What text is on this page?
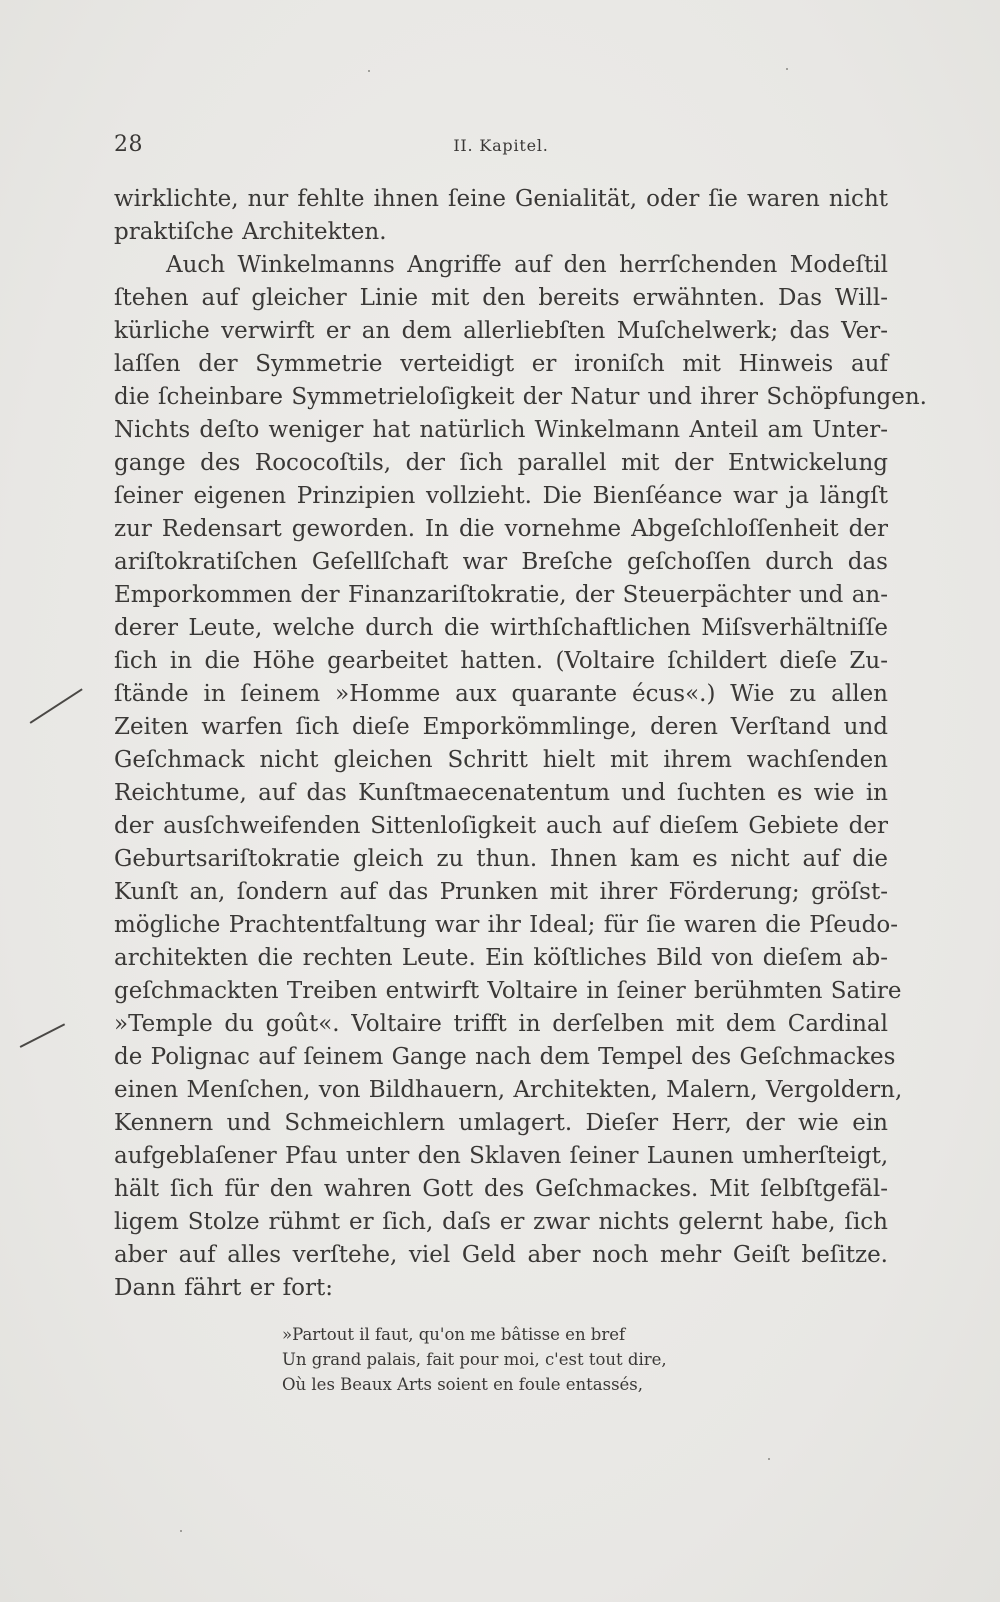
28	II. Kapitel.
wirklichte, nur fehlte ihnen ſeine Genialität, oder ſie waren nicht
praktiſche Architekten.
Auch Winkelmanns Angriffe auf den herrſchenden Modeſtil
ſtehen auf gleicher Linie mit den bereits erwähnten. Das Will-
kürliche verwirft er an dem allerliebſten Muſchelwerk; das Ver-
laſſen der Symmetrie verteidigt er ironiſch mit Hinweis auf
die ſcheinbare Symmetrieloſigkeit der Natur und ihrer Schöpfungen.
Nichts deſto weniger hat natürlich Winkelmann Anteil am Unter-
gange des Rococoſtils, der ſich parallel mit der Entwickelung
ſeiner eigenen Prinzipien vollzieht. Die Bienſéance war ja längſt
zur Redensart geworden. In die vornehme Abgeſchloſſenheit der
ariſtokratiſchen Geſellſchaft war Breſche geſchoſſen durch das
Emporkommen der Finanzariſtokratie, der Steuerpächter und an-
derer Leute, welche durch die wirthſchaftlichen Miſsverhältniſſe
ſich in die Höhe gearbeitet hatten. (Voltaire ſchildert dieſe Zu-
ſtände in ſeinem »Homme aux quarante écus«.) Wie zu allen
Zeiten warfen ſich dieſe Emporkömmlinge, deren Verſtand und
Geſchmack nicht gleichen Schritt hielt mit ihrem wachſenden
Reichtume, auf das Kunſtmaecenatentum und ſuchten es wie in
der ausſchweifenden Sittenloſigkeit auch auf dieſem Gebiete der
Geburtsariſtokratie gleich zu thun. Ihnen kam es nicht auf die
Kunſt an, ſondern auf das Prunken mit ihrer Förderung; gröſst-
mögliche Prachtentfaltung war ihr Ideal; für ſie waren die Pſeudo-
architekten die rechten Leute. Ein köſtliches Bild von dieſem ab-
geſchmackten Treiben entwirft Voltaire in ſeiner berühmten Satire
»Temple du goût«. Voltaire trifft in derſelben mit dem Cardinal
de Polignac auf ſeinem Gange nach dem Tempel des Geſchmackes
einen Menſchen, von Bildhauern, Architekten, Malern, Vergoldern,
Kennern und Schmeichlern umlagert. Dieſer Herr, der wie ein
aufgeblaſener Pfau unter den Sklaven ſeiner Launen umherſteigt,
hält ſich für den wahren Gott des Geſchmackes. Mit ſelbſtgefäl-
ligem Stolze rühmt er ſich, daſs er zwar nichts gelernt habe, ſich
aber auf alles verſtehe, viel Geld aber noch mehr Geiſt beſitze.
Dann fährt er fort:
»Partout il faut, qu'on me bâtisse en bref
Un grand palais, fait pour moi, c'est tout dire,
Où les Beaux Arts soient en foule entassés,
